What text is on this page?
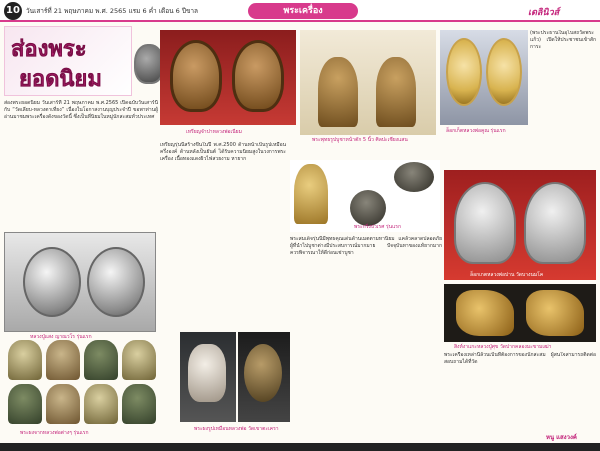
10 วันเสาร์ที่ 21 พฤษภาคม พ.ศ. 2565 แรม 6 ค่ำ เดือน 6 ปีขาล	พระเครื่อง	เดลินิวส์
ส่องพระ
ยอดนิยม
ส่องพระยอดนิยม วันเสาร์ที่ 21 พฤษภาคม พ.ศ.2565 เปิดฉบับวันเสาร์นี้กับ “วัดเลียบ-หลวงตาเที่ยง” เนื่องในโอกาสงานบุญประจำปี ขอพาท่านผู้อ่านมาชมพระเครื่องดังของวัดนี้ ซึ่งเป็นที่นิยมในหมู่นักสะสมทั่วประเทศ
หลวงปู่แสง ญาณวโร รุ่นแรก
พระผงจากหลวงพ่อต่างๆ รุ่นแรก
เหรียญจำปาหลวงพ่อเนียม
เหรียญรุ่นนี้สร้างขึ้นในปี พ.ศ.2500 ด้านหน้าเป็นรูปเหมือนครึ่งองค์ ด้านหลังเป็นยันต์ ได้รับความนิยมสูงในวงการพระเครื่อง เนื้อทองแดงผิวไฟสวยงาม หายาก
พระพุทธรูปบูชาหน้าตัก 5 นิ้ว ศิลปะเชียงแสน
พระกริ่งปวเรศ รุ่นแรก
พระสมเด็จรุ่นนี้มีพุทธคุณเด่นด้านเมตตามหานิยม แคล้วคลาดปลอดภัย ผู้ที่นำไปบูชาต่างมีประสบการณ์มากมาย ปัจจุบันหาของแท้ยากมาก ควรพิจารณาให้ดีก่อนเช่าบูชา
พระผงรูปเหมือนหลวงพ่อ วัดเขาตะเครา
ล็อกเก็ตหลวงพ่อคูณ รุ่นแรก
(พระประธานในอุโบสถวัดพระแก้ว) เปิดให้ประชาชนเข้าสักการะ
ล็อกเกตหลวงพ่อปาน วัดบางนมโค
สิงห์งาแกะหลวงปู่ศุข วัดปากคลองมะขามเฒ่า
พระเครื่องเหล่านี้ล้วนเป็นที่ต้องการของนักสะสม ผู้สนใจสามารถติดต่อสอบถามได้ที่วัด
หนู แสงวงค์
